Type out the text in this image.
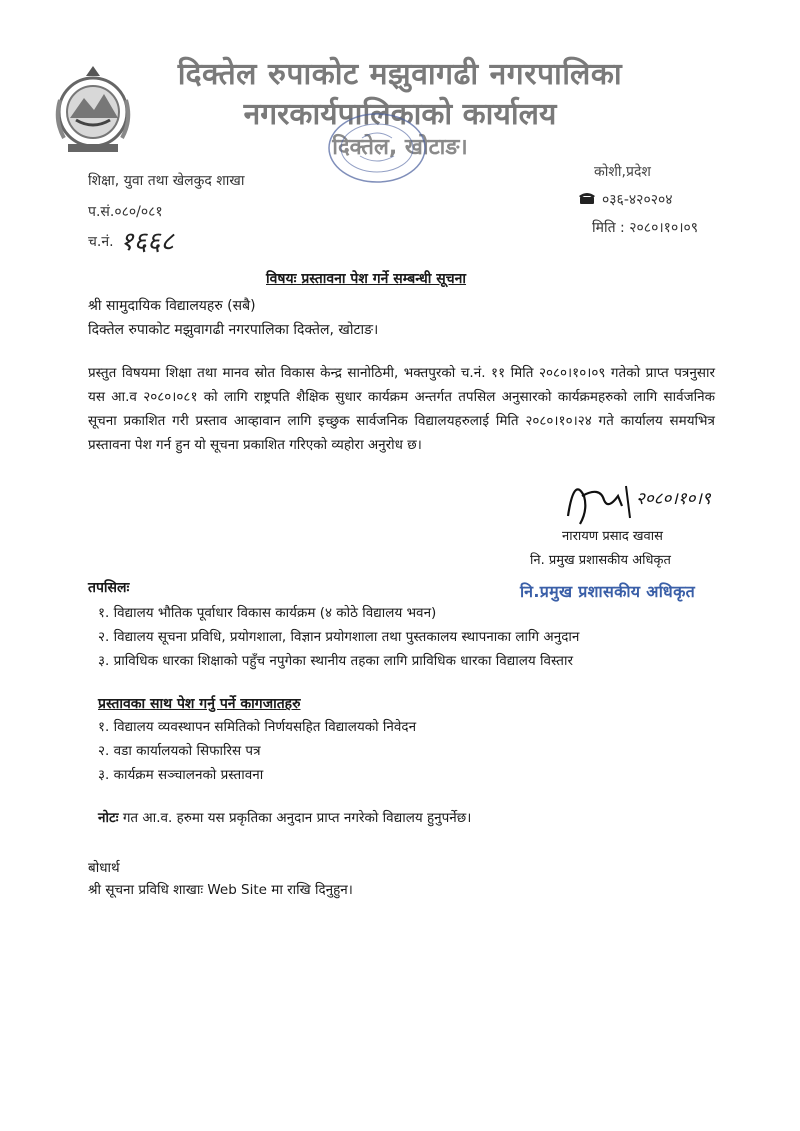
दिक्तेल रुपाकोट मझुवागढी नगरपालिका
नगरकार्यपालिकाको कार्यालय
दिक्तेल, खोटाङ।
शिक्षा, युवा तथा खेलकुद शाखा
प.सं.०८०/०८१
च.नं. १६६८
कोशी,प्रदेश
०३६-४२०२०४
मिति : २०८०।१०।०९
विषयः प्रस्तावना पेश गर्ने सम्बन्धी सूचना
श्री सामुदायिक विद्यालयहरु (सबै)
दिक्तेल रुपाकोट मझुवागढी नगरपालिका दिक्तेल, खोटाङ।
प्रस्तुत विषयमा शिक्षा तथा मानव स्रोत विकास केन्द्र सानोठिमी, भक्तपुरको च.नं. ११ मिति २०८०।१०।०९ गतेको प्राप्त पत्रनुसार यस आ.व २०८०।०८१ को लागि राष्ट्रपति शैक्षिक सुधार कार्यक्रम अन्तर्गत तपसिल अनुसारको कार्यक्रमहरुको लागि सार्वजनिक सूचना प्रकाशित गरी प्रस्ताव आव्हावान लागि इच्छुक सार्वजनिक विद्यालयहरुलाई मिति २०८०।१०।२४ गते कार्यालय समयभित्र प्रस्तावना पेश गर्न हुन यो सूचना प्रकाशित गरिएको व्यहोरा अनुरोध छ।
२०८०।१०।९
नारायण प्रसाद खवास
नि. प्रमुख प्रशासकीय अधिकृत
नि.प्रमुख प्रशासकीय अधिकृत
तपसिलः
१. विद्यालय भौतिक पूर्वाधार विकास कार्यक्रम (४ कोठे विद्यालय भवन)
२. विद्यालय सूचना प्रविधि, प्रयोगशाला, विज्ञान प्रयोगशाला तथा पुस्तकालय स्थापनाका लागि अनुदान
३. प्राविधिक धारका शिक्षाको पहुँच नपुगेका स्थानीय तहका लागि प्राविधिक धारका विद्यालय विस्तार
प्रस्तावका साथ पेश गर्नु पर्ने कागजातहरु
१. विद्यालय व्यवस्थापन समितिको निर्णयसहित विद्यालयको निवेदन
२. वडा कार्यालयको सिफारिस पत्र
३. कार्यक्रम सञ्चालनको प्रस्तावना
नोटः गत आ.व. हरुमा यस प्रकृतिका अनुदान प्राप्त नगरेको विद्यालय हुनुपर्नेछ।
बोधार्थ
श्री सूचना प्रविधि शाखाः Web Site मा राखि दिनुहुन।
